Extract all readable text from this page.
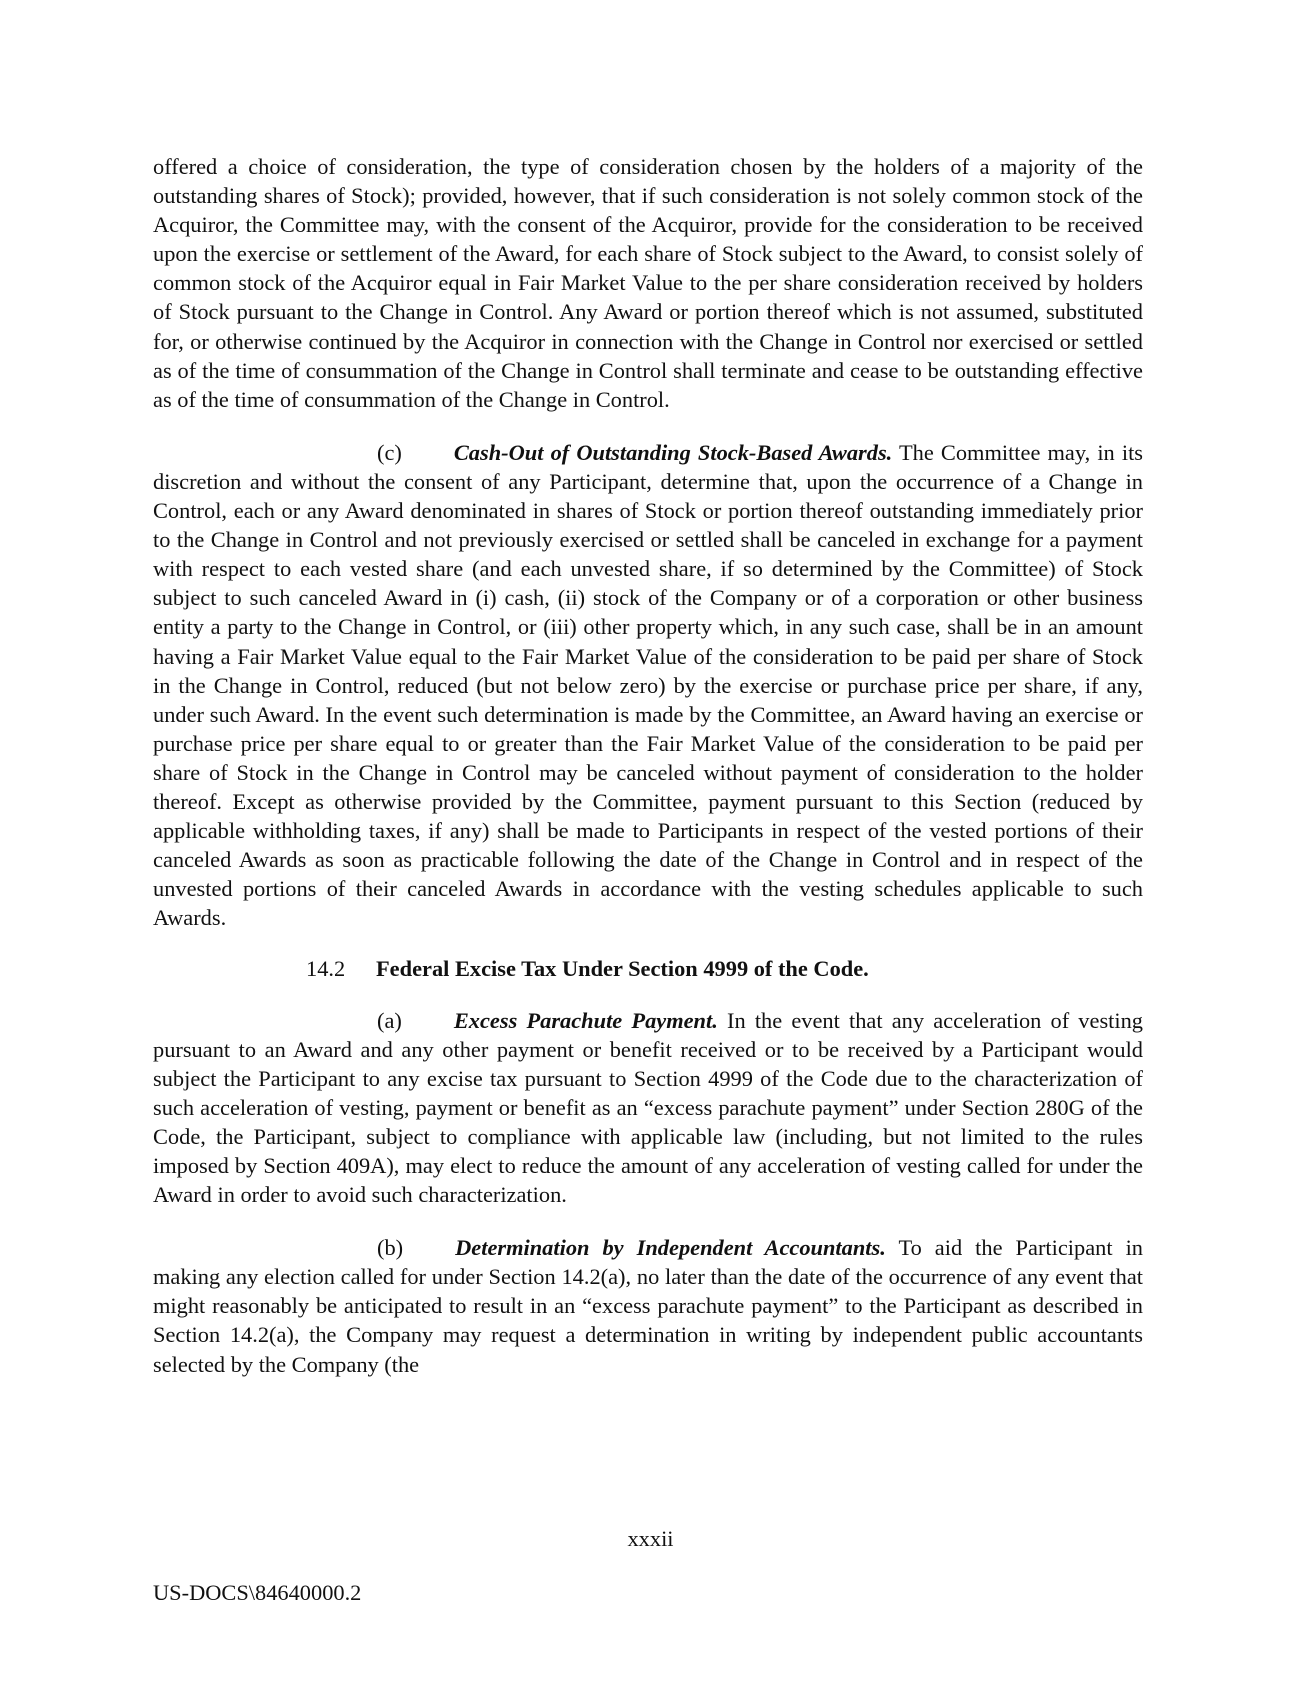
offered a choice of consideration, the type of consideration chosen by the holders of a majority of the outstanding shares of Stock); provided, however, that if such consideration is not solely common stock of the Acquiror, the Committee may, with the consent of the Acquiror, provide for the consideration to be received upon the exercise or settlement of the Award, for each share of Stock subject to the Award, to consist solely of common stock of the Acquiror equal in Fair Market Value to the per share consideration received by holders of Stock pursuant to the Change in Control. Any Award or portion thereof which is not assumed, substituted for, or otherwise continued by the Acquiror in connection with the Change in Control nor exercised or settled as of the time of consummation of the Change in Control shall terminate and cease to be outstanding effective as of the time of consummation of the Change in Control.

(c) Cash-Out of Outstanding Stock-Based Awards. The Committee may, in its discretion and without the consent of any Participant, determine that, upon the occurrence of a Change in Control, each or any Award denominated in shares of Stock or portion thereof outstanding immediately prior to the Change in Control and not previously exercised or settled shall be canceled in exchange for a payment with respect to each vested share (and each unvested share, if so determined by the Committee) of Stock subject to such canceled Award in (i) cash, (ii) stock of the Company or of a corporation or other business entity a party to the Change in Control, or (iii) other property which, in any such case, shall be in an amount having a Fair Market Value equal to the Fair Market Value of the consideration to be paid per share of Stock in the Change in Control, reduced (but not below zero) by the exercise or purchase price per share, if any, under such Award. In the event such determination is made by the Committee, an Award having an exercise or purchase price per share equal to or greater than the Fair Market Value of the consideration to be paid per share of Stock in the Change in Control may be canceled without payment of consideration to the holder thereof. Except as otherwise provided by the Committee, payment pursuant to this Section (reduced by applicable withholding taxes, if any) shall be made to Participants in respect of the vested portions of their canceled Awards as soon as practicable following the date of the Change in Control and in respect of the unvested portions of their canceled Awards in accordance with the vesting schedules applicable to such Awards.

14.2 Federal Excise Tax Under Section 4999 of the Code.

(a) Excess Parachute Payment. In the event that any acceleration of vesting pursuant to an Award and any other payment or benefit received or to be received by a Participant would subject the Participant to any excise tax pursuant to Section 4999 of the Code due to the characterization of such acceleration of vesting, payment or benefit as an “excess parachute payment” under Section 280G of the Code, the Participant, subject to compliance with applicable law (including, but not limited to the rules imposed by Section 409A), may elect to reduce the amount of any acceleration of vesting called for under the Award in order to avoid such characterization.

(b) Determination by Independent Accountants. To aid the Participant in making any election called for under Section 14.2(a), no later than the date of the occurrence of any event that might reasonably be anticipated to result in an “excess parachute payment” to the Participant as described in Section 14.2(a), the Company may request a determination in writing by independent public accountants selected by the Company (the

xxxii
US-DOCS\84640000.2
